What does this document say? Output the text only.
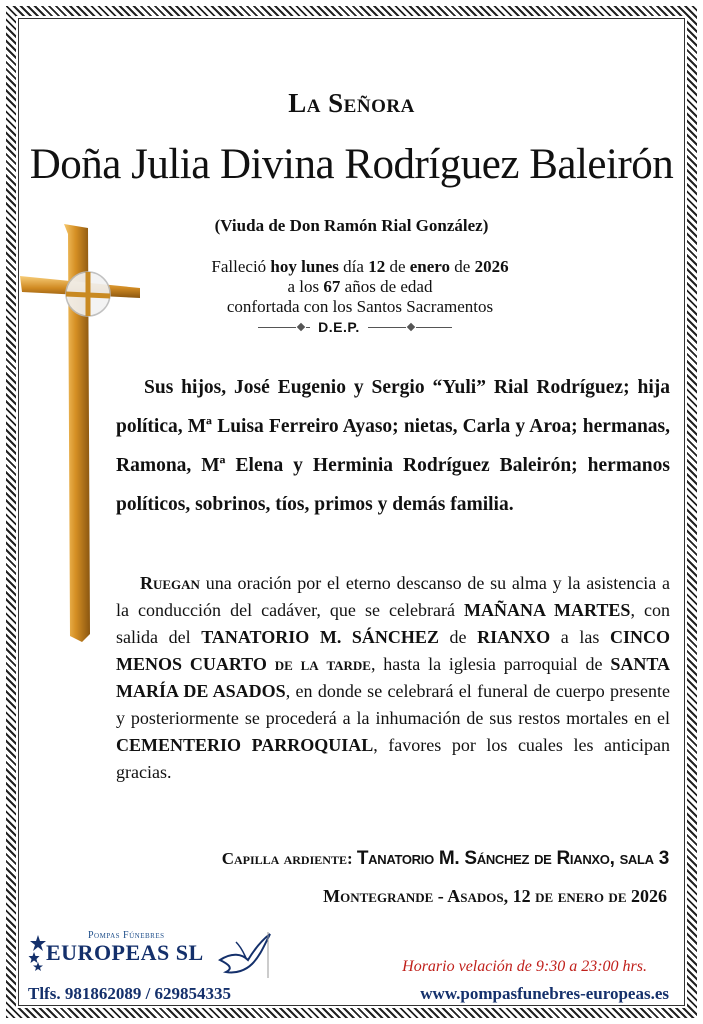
La Señora
Doña Julia Divina Rodríguez Baleirón
(Viuda de Don Ramón Rial González)
Falleció hoy lunes día 12 de enero de 2026
a los 67 años de edad
confortada con los Santos Sacramentos
D.E.P.
Sus hijos, José Eugenio y Sergio “Yuli” Rial Rodríguez; hija política, Mª Luisa Ferreiro Ayaso; nietas, Carla y Aroa; hermanas, Ramona, Mª Elena y Herminia Rodríguez Baleirón; hermanos políticos, sobrinos, tíos, primos y demás familia.
Ruegan una oración por el eterno descanso de su alma y la asistencia a la conducción del cadáver, que se celebrará MAÑANA MARTES, con salida del TANATORIO M. SÁNCHEZ de RIANXO a las CINCO MENOS CUARTO de la tarde, hasta la iglesia parroquial de SANTA MARÍA DE ASADOS, en donde se celebrará el funeral de cuerpo presente y posteriormente se procederá a la inhumación de sus restos mortales en el CEMENTERIO PARROQUIAL, favores por los cuales les anticipan gracias.
Capilla ardiente: Tanatorio M. Sánchez de Rianxo, sala 3
Montegrande - Asados, 12 de enero de 2026
Pompas Fúnebres
EUROPEAS SL
Horario velación de 9:30 a 23:00 hrs.
Tlfs. 981862089 / 629854335	www.pompasfunebres-europeas.es
